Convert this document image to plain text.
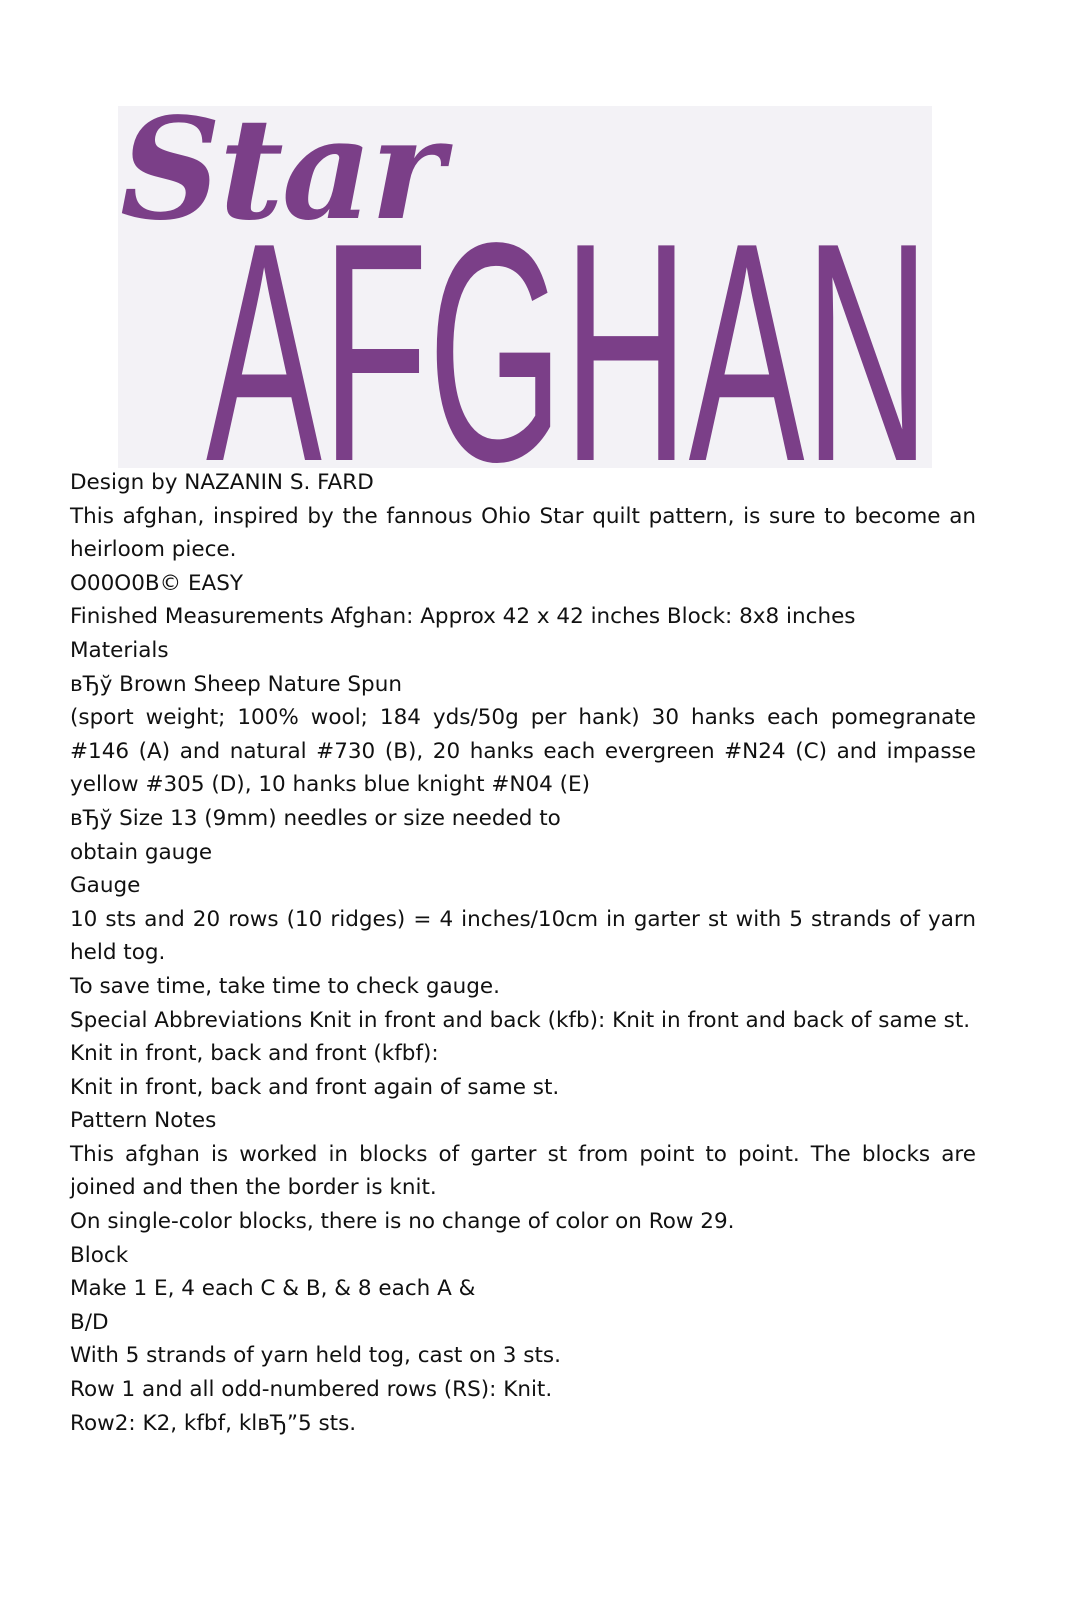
Star
AFGHAN

Design by NAZANIN S. FARD

This afghan, inspired by the fannous Ohio Star quilt pattern, is sure to become an heirloom piece.

O00O0B© EASY

Finished Measurements Afghan: Approx 42 x 42 inches Block: 8x8 inches

Materials

вЂў Brown Sheep Nature Spun

(sport weight; 100% wool; 184 yds/50g per hank) 30 hanks each pomegranate #146 (A) and natural #730 (B), 20 hanks each evergreen #N24 (C) and impasse yellow #305 (D), 10 hanks blue knight #N04 (E)

вЂў Size 13 (9mm) needles or size needed to

obtain gauge

Gauge

10 sts and 20 rows (10 ridges) = 4 inches/10cm in garter st with 5 strands of yarn held tog.

To save time, take time to check gauge.

Special Abbreviations Knit in front and back (kfb): Knit in front and back of same st.

Knit in front, back and front (kfbf):

Knit in front, back and front again of same st.

Pattern Notes

This afghan is worked in blocks of garter st from point to point. The blocks are joined and then the border is knit.

On single-color blocks, there is no change of color on Row 29.

Block

Make 1 E, 4 each C & B, & 8 each A &

B/D

With 5 strands of yarn held tog, cast on 3 sts.

Row 1 and all odd-numbered rows (RS): Knit.

Row2: K2, kfbf, klвЂ”5 sts.
